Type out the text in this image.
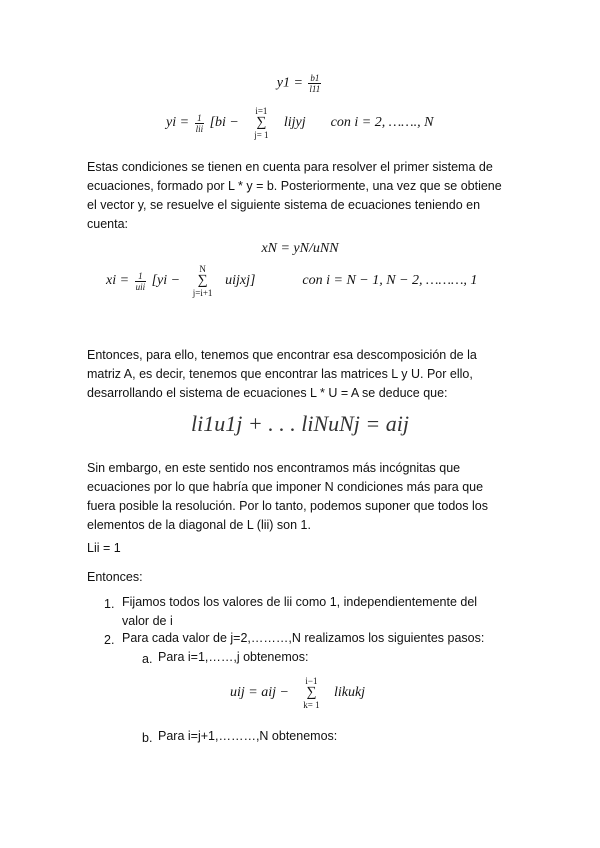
$y1 = \frac{b1}{l11}$
yi = $\frac{1}{\text{lii}} [bi$ −
i=1
∑
j= 1
lijyj con i = 2, ……., N

Estas condiciones se tienen en cuenta para resolver el primer sistema de ecuaciones, formado por L * y = b. Posteriormente, una vez que se obtiene el vector y, se resuelve el siguiente sistema de ecuaciones teniendo en cuenta:

xN = yN/uNN
xi = $\frac{1}{\text{uii}} [yi$ −
N
∑
j=i+1
uijxj]	con i = N − 1, N − 2, ………, 1

Entonces, para ello, tenemos que encontrar esa descomposición de la matriz A, es decir, tenemos que encontrar las matrices L y U. Por ello, desarrollando el sistema de ecuaciones L * U = A se deduce que:

li1u1j + . . . liNuNj = aij

Sin embargo, en este sentido nos encontramos más incógnitas que ecuaciones por lo que habría que imponer N condiciones más para que fuera posible la resolución. Por lo tanto, podemos suponer que todos los elementos de la diagonal de L (lii) son 1.

Lii = 1
Entonces:
1. Fijamos todos los valores de lii como 1, independientemente del valor de i
2. Para cada valor de j=2,………,N realizamos los siguientes pasos:
a. Para i=1,……,j obtenemos:
uij = aij −
i−1
∑
k= 1
likukj
b. Para i=j+1,………,N obtenemos:
